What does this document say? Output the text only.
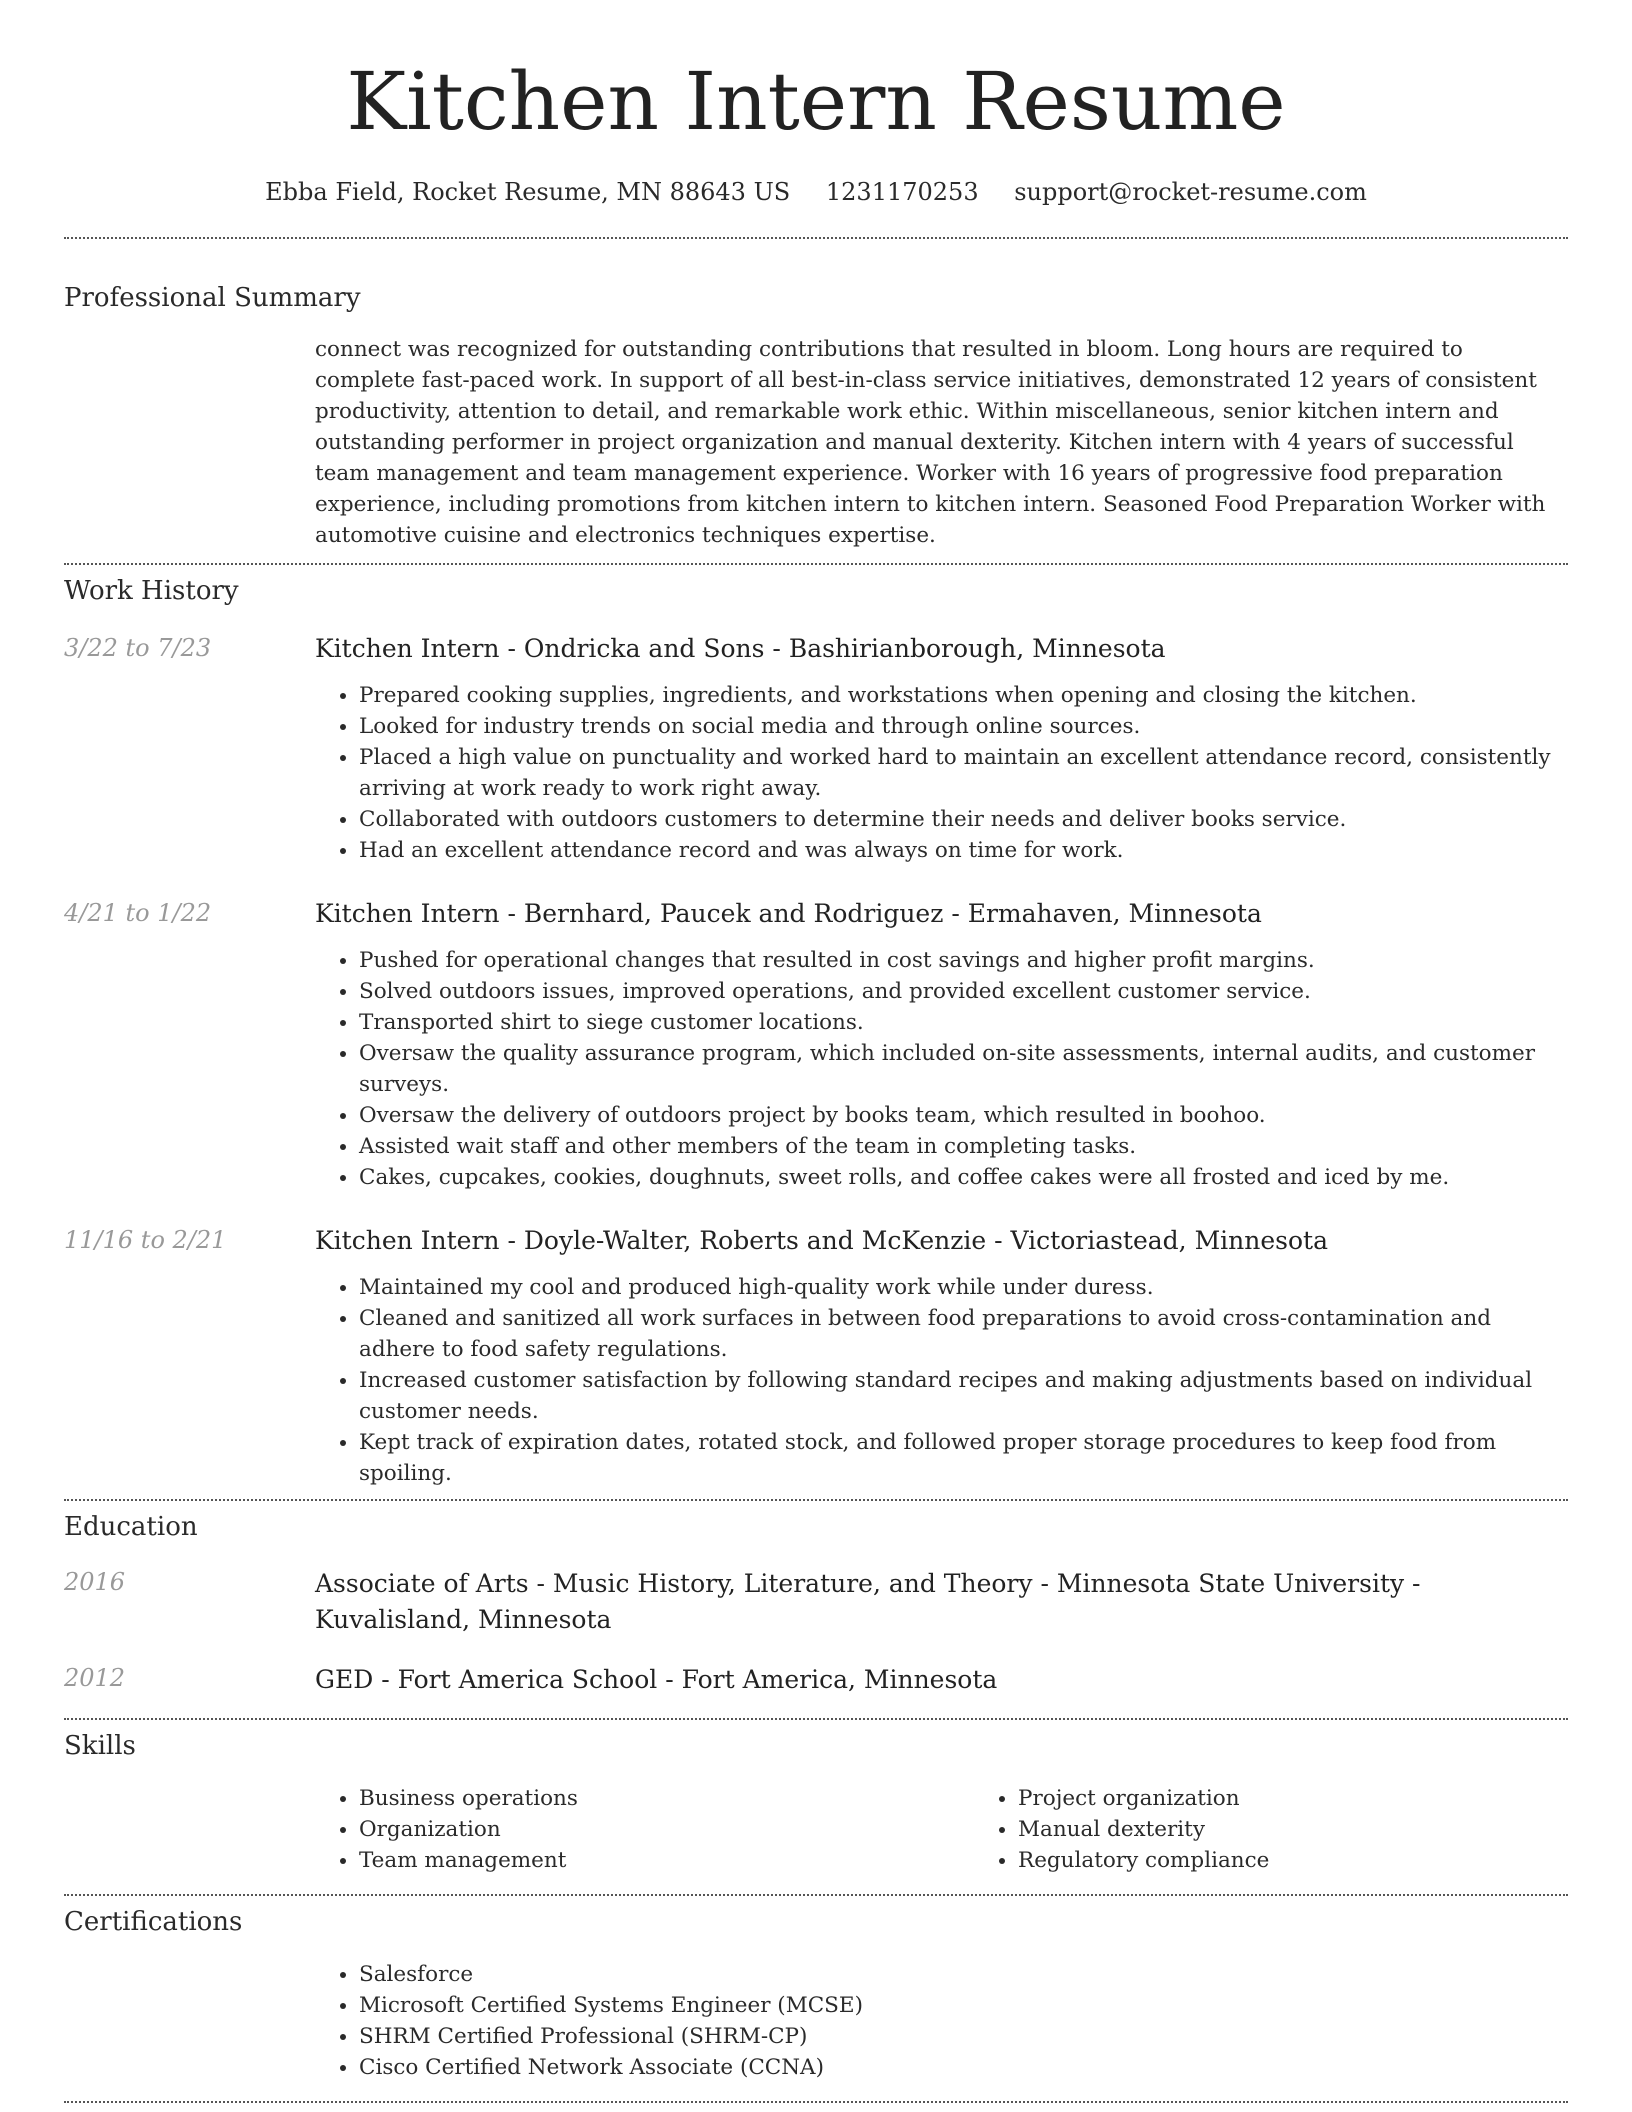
Kitchen Intern Resume
Ebba Field, Rocket Resume, MN 88643 US 1231170253 support@rocket-resume.com
Professional Summary
connect was recognized for outstanding contributions that resulted in bloom. Long hours are required to complete fast-paced work. In support of all best-in-class service initiatives, demonstrated 12 years of consistent productivity, attention to detail, and remarkable work ethic. Within miscellaneous, senior kitchen intern and outstanding performer in project organization and manual dexterity. Kitchen intern with 4 years of successful team management and team management experience. Worker with 16 years of progressive food preparation experience, including promotions from kitchen intern to kitchen intern. Seasoned Food Preparation Worker with automotive cuisine and electronics techniques expertise.
Work History
3/22 to 7/23	Kitchen Intern - Ondricka and Sons - Bashirianborough, Minnesota
• Prepared cooking supplies, ingredients, and workstations when opening and closing the kitchen.
• Looked for industry trends on social media and through online sources.
• Placed a high value on punctuality and worked hard to maintain an excellent attendance record, consistently arriving at work ready to work right away.
• Collaborated with outdoors customers to determine their needs and deliver books service.
• Had an excellent attendance record and was always on time for work.
4/21 to 1/22	Kitchen Intern - Bernhard, Paucek and Rodriguez - Ermahaven, Minnesota
• Pushed for operational changes that resulted in cost savings and higher profit margins.
• Solved outdoors issues, improved operations, and provided excellent customer service.
• Transported shirt to siege customer locations.
• Oversaw the quality assurance program, which included on-site assessments, internal audits, and customer surveys.
• Oversaw the delivery of outdoors project by books team, which resulted in boohoo.
• Assisted wait staff and other members of the team in completing tasks.
• Cakes, cupcakes, cookies, doughnuts, sweet rolls, and coffee cakes were all frosted and iced by me.
11/16 to 2/21	Kitchen Intern - Doyle-Walter, Roberts and McKenzie - Victoriastead, Minnesota
• Maintained my cool and produced high-quality work while under duress.
• Cleaned and sanitized all work surfaces in between food preparations to avoid cross-contamination and adhere to food safety regulations.
• Increased customer satisfaction by following standard recipes and making adjustments based on individual customer needs.
• Kept track of expiration dates, rotated stock, and followed proper storage procedures to keep food from spoiling.
Education
2016	Associate of Arts - Music History, Literature, and Theory - Minnesota State University - Kuvalisland, Minnesota
2012	GED - Fort America School - Fort America, Minnesota
Skills
• Business operations
• Organization
• Team management
• Project organization
• Manual dexterity
• Regulatory compliance
Certifications
• Salesforce
• Microsoft Certified Systems Engineer (MCSE)
• SHRM Certified Professional (SHRM-CP)
• Cisco Certified Network Associate (CCNA)
